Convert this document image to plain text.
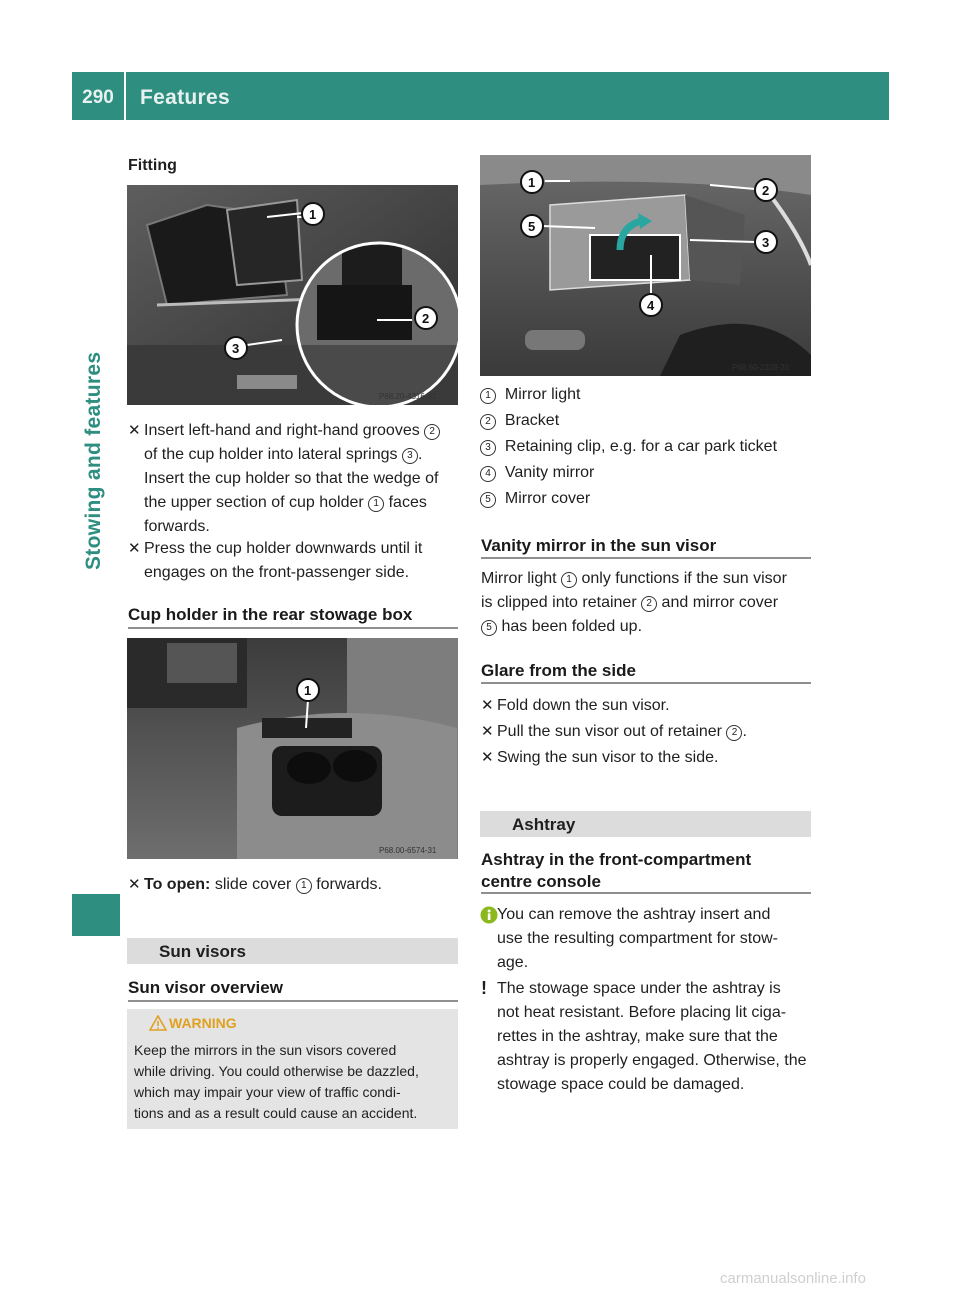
290	Features
Stowing and features
Fitting
1
2
3
P68.20-4316-31
✕ Insert left-hand and right-hand grooves 2
of the cup holder into lateral springs 3 .
Insert the cup holder so that the wedge of
the upper section of cup holder 1 faces
forwards.
✕ Press the cup holder downwards until it
engages on the front-passenger side.
Cup holder in the rear stowage box
1
P68.00-6574-31
✕ To open: slide cover 1 forwards.
Sun visors
Sun visor overview
WARNING
Keep the mirrors in the sun visors covered
while driving. You could otherwise be dazzled,
which may impair your view of traffic condi-
tions and as a result could cause an accident.
1
2
3
4
5
P68.60-2328-31
1 Mirror light
2 Bracket
3 Retaining clip, e.g. for a car park ticket
4 Vanity mirror
5 Mirror cover
Vanity mirror in the sun visor
Mirror light 1 only functions if the sun visor
is clipped into retainer 2 and mirror cover
5 has been folded up.
Glare from the side
✕ Fold down the sun visor.
✕ Pull the sun visor out of retainer 2 .
✕ Swing the sun visor to the side.
Ashtray
Ashtray in the front-compartment
centre console
You can remove the ashtray insert and
use the resulting compartment for stow-
age.
! The stowage space under the ashtray is
not heat resistant. Before placing lit ciga-
rettes in the ashtray, make sure that the
ashtray is properly engaged. Otherwise, the
stowage space could be damaged.
carmanualsonline.info
